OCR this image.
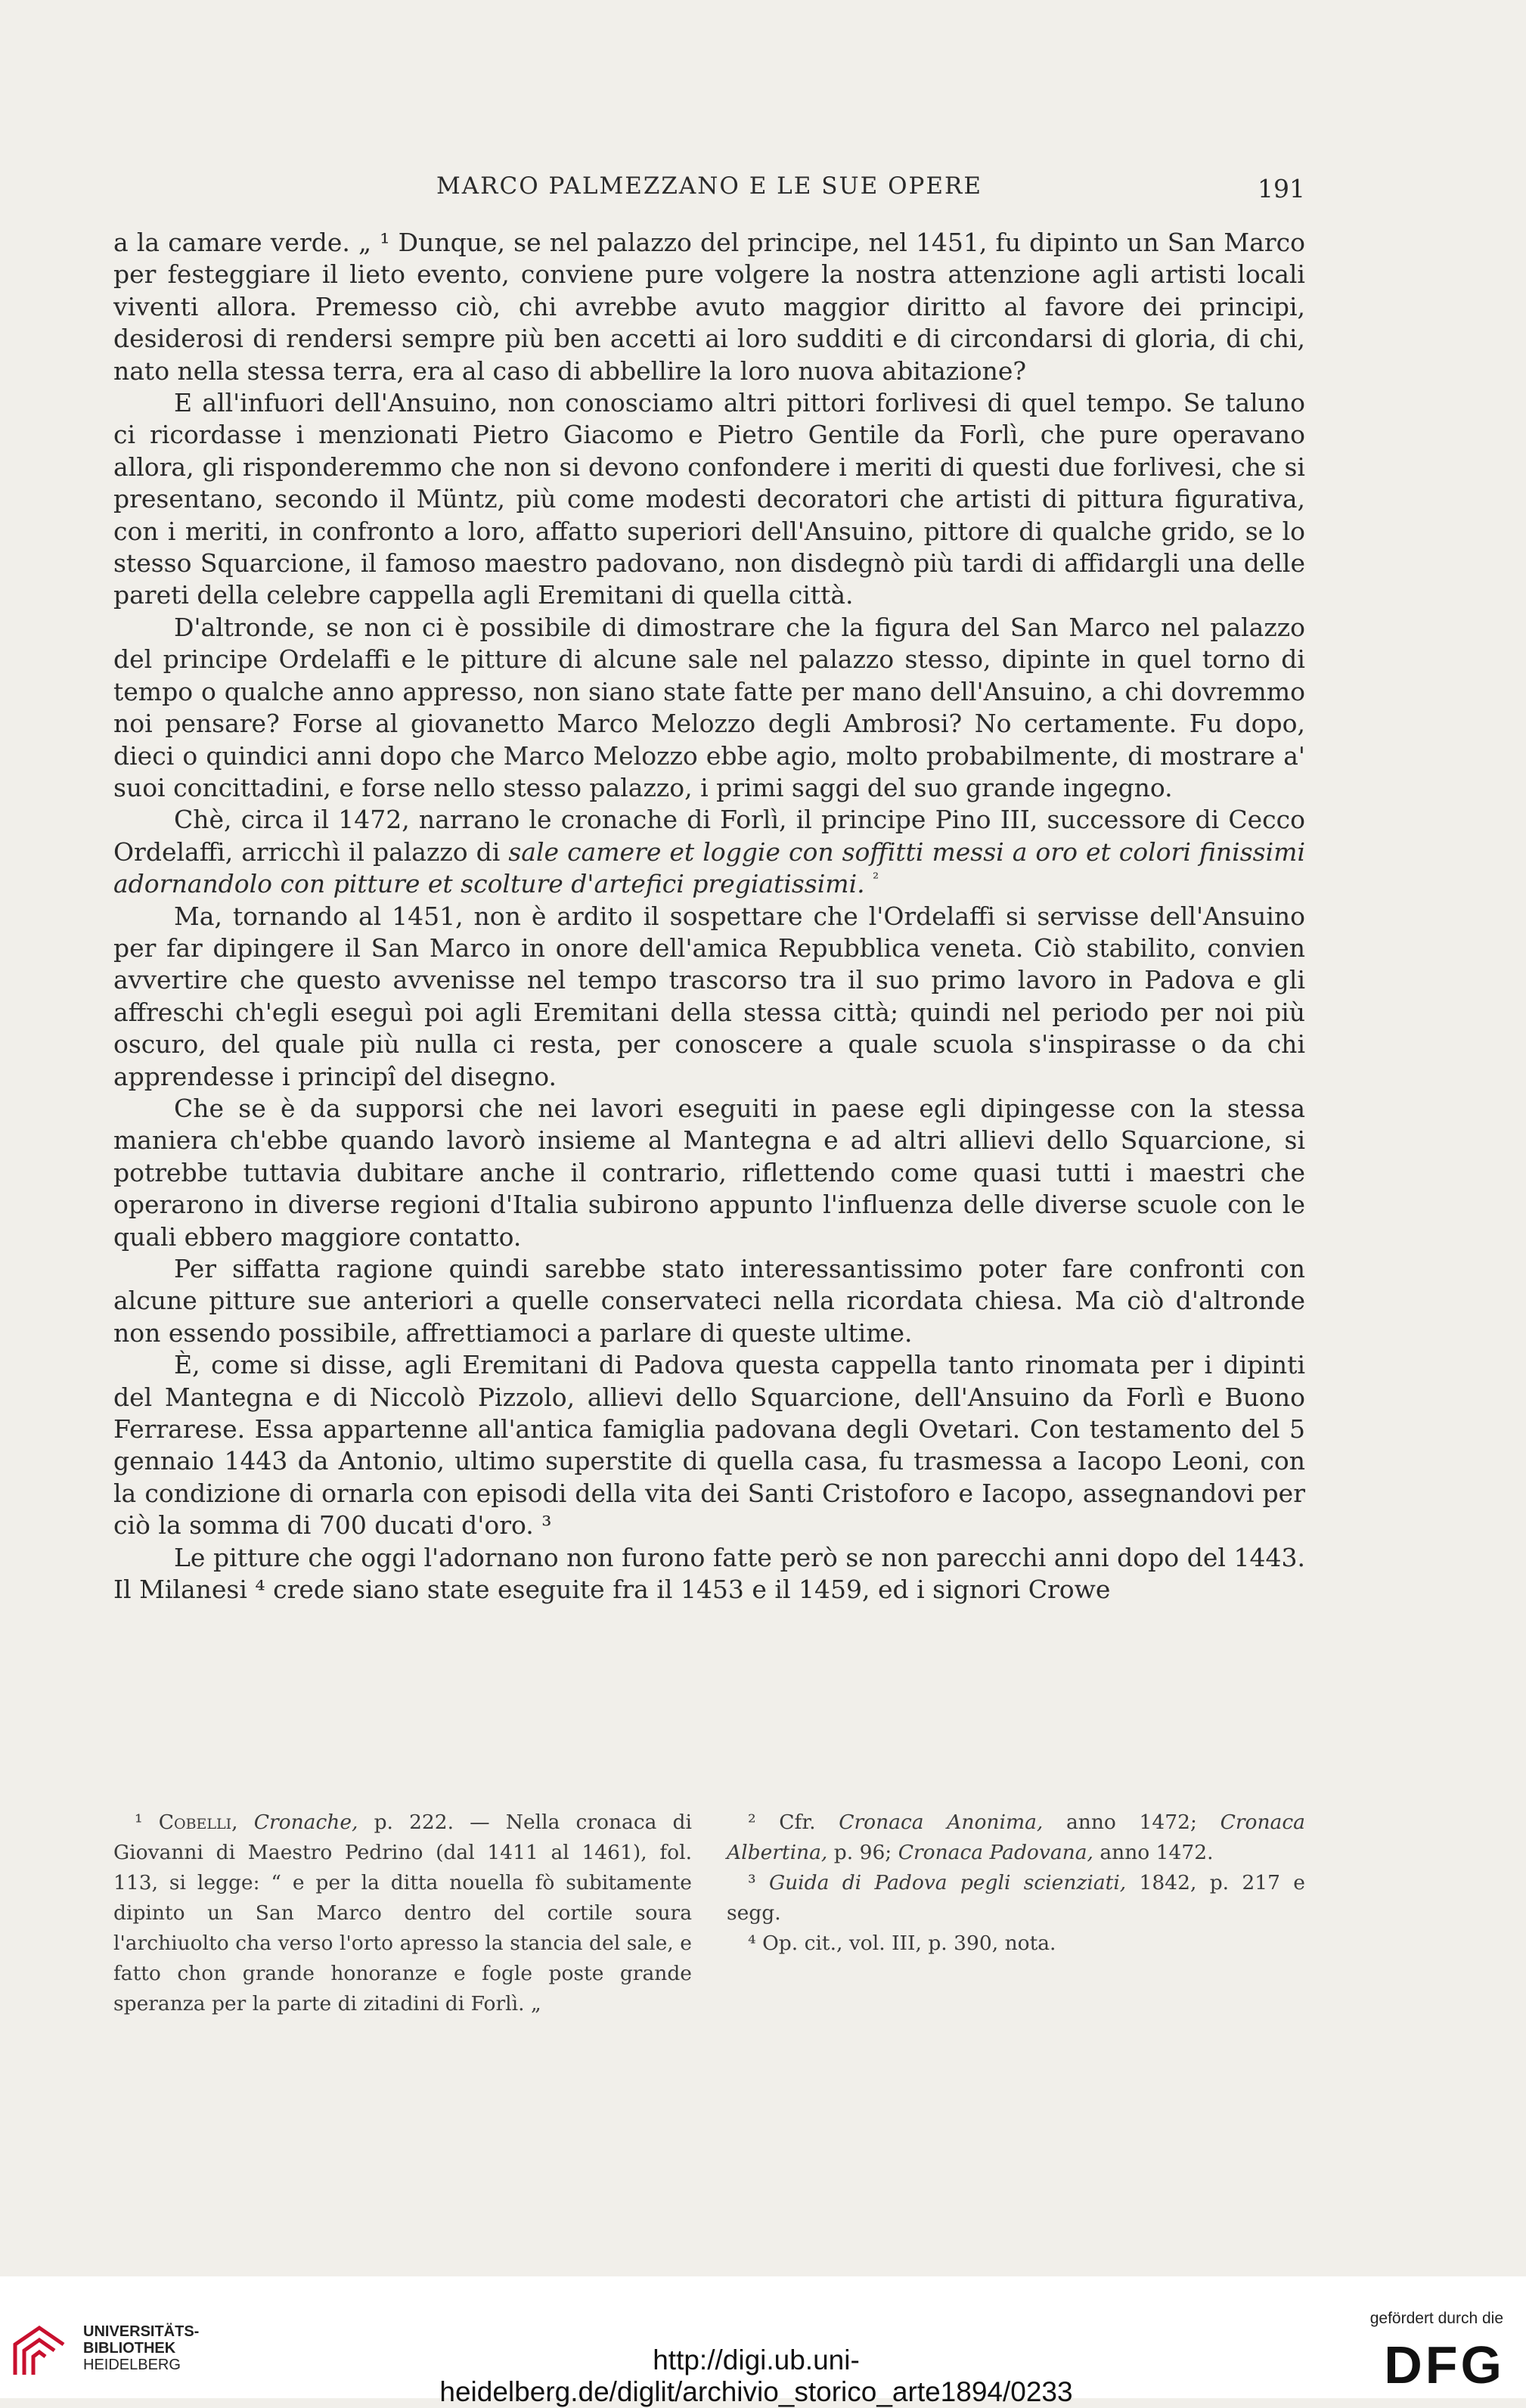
MARCO PALMEZZANO E LE SUE OPERE	191

a la camare verde. „ ¹ Dunque, se nel palazzo del principe, nel 1451, fu dipinto un San Marco per festeggiare il lieto evento, conviene pure volgere la nostra attenzione agli artisti locali viventi allora. Premesso ciò, chi avrebbe avuto maggior diritto al favore dei principi, desiderosi di rendersi sempre più ben accetti ai loro sudditi e di circondarsi di gloria, di chi, nato nella stessa terra, era al caso di abbellire la loro nuova abitazione?

E all'infuori dell'Ansuino, non conosciamo altri pittori forlivesi di quel tempo. Se taluno ci ricordasse i menzionati Pietro Giacomo e Pietro Gentile da Forlì, che pure operavano allora, gli risponderemmo che non si devono confondere i meriti di questi due forlivesi, che si presentano, secondo il Müntz, più come modesti decoratori che artisti di pittura figurativa, con i meriti, in confronto a loro, affatto superiori dell'Ansuino, pittore di qualche grido, se lo stesso Squarcione, il famoso maestro padovano, non disdegnò più tardi di affidargli una delle pareti della celebre cappella agli Eremitani di quella città.

D'altronde, se non ci è possibile di dimostrare che la figura del San Marco nel palazzo del principe Ordelaffi e le pitture di alcune sale nel palazzo stesso, dipinte in quel torno di tempo o qualche anno appresso, non siano state fatte per mano dell'Ansuino, a chi dovremmo noi pensare? Forse al giovanetto Marco Melozzo degli Ambrosi? No certamente. Fu dopo, dieci o quindici anni dopo che Marco Melozzo ebbe agio, molto probabilmente, di mostrare a' suoi concittadini, e forse nello stesso palazzo, i primi saggi del suo grande ingegno.

Chè, circa il 1472, narrano le cronache di Forlì, il principe Pino III, successore di Cecco Ordelaffi, arricchì il palazzo di sale camere et loggie con soffitti messi a oro et colori finissimi adornandolo con pitture et scolture d'artefici pregiatissimi. $^{^2}$

Ma, tornando al 1451, non è ardito il sospettare che l'Ordelaffi si servisse dell'Ansuino per far dipingere il San Marco in onore dell'amica Repubblica veneta. Ciò stabilito, convien avvertire che questo avvenisse nel tempo trascorso tra il suo primo lavoro in Padova e gli affreschi ch'egli eseguì poi agli Eremitani della stessa città; quindi nel periodo per noi più oscuro, del quale più nulla ci resta, per conoscere a quale scuola s'inspirasse o da chi apprendesse i principî del disegno.

Che se è da supporsi che nei lavori eseguiti in paese egli dipingesse con la stessa maniera ch'ebbe quando lavorò insieme al Mantegna e ad altri allievi dello Squarcione, si potrebbe tuttavia dubitare anche il contrario, riflettendo come quasi tutti i maestri che operarono in diverse regioni d'Italia subirono appunto l'influenza delle diverse scuole con le quali ebbero maggiore contatto.

Per siffatta ragione quindi sarebbe stato interessantissimo poter fare confronti con alcune pitture sue anteriori a quelle conservateci nella ricordata chiesa. Ma ciò d'altronde non essendo possibile, affrettiamoci a parlare di queste ultime.

È, come si disse, agli Eremitani di Padova questa cappella tanto rinomata per i dipinti del Mantegna e di Niccolò Pizzolo, allievi dello Squarcione, dell'Ansuino da Forlì e Buono Ferrarese. Essa appartenne all'antica famiglia padovana degli Ovetari. Con testamento del 5 gennaio 1443 da Antonio, ultimo superstite di quella casa, fu trasmessa a Iacopo Leoni, con la condizione di ornarla con episodi della vita dei Santi Cristoforo e Iacopo, assegnandovi per ciò la somma di 700 ducati d'oro. ³

Le pitture che oggi l'adornano non furono fatte però se non parecchi anni dopo del 1443. Il Milanesi ⁴ crede siano state eseguite fra il 1453 e il 1459, ed i signori Crowe

¹ Cobelli, Cronache, p. 222. — Nella cronaca di Giovanni di Maestro Pedrino (dal 1411 al 1461), fol. 113, si legge: “ e per la ditta nouella fò subitamente dipinto un San Marco dentro del cortile soura l'archiuolto cha verso l'orto apresso la stancia del sale, e fatto chon grande honoranze e fogle poste grande speranza per la parte di zitadini di Forlì. „

² Cfr. Cronaca Anonima, anno 1472; Cronaca Albertina, p. 96; Cronaca Padovana, anno 1472.

³ Guida di Padova pegli scienziati, 1842, p. 217 e segg.

⁴ Op. cit., vol. III, p. 390, nota.

UNIVERSITÄTS-
BIBLIOTHEK
HEIDELBERG	http://digi.ub.uni-heidelberg.de/diglit/archivio_storico_arte1894/0233
gefördert durch die
DFG
